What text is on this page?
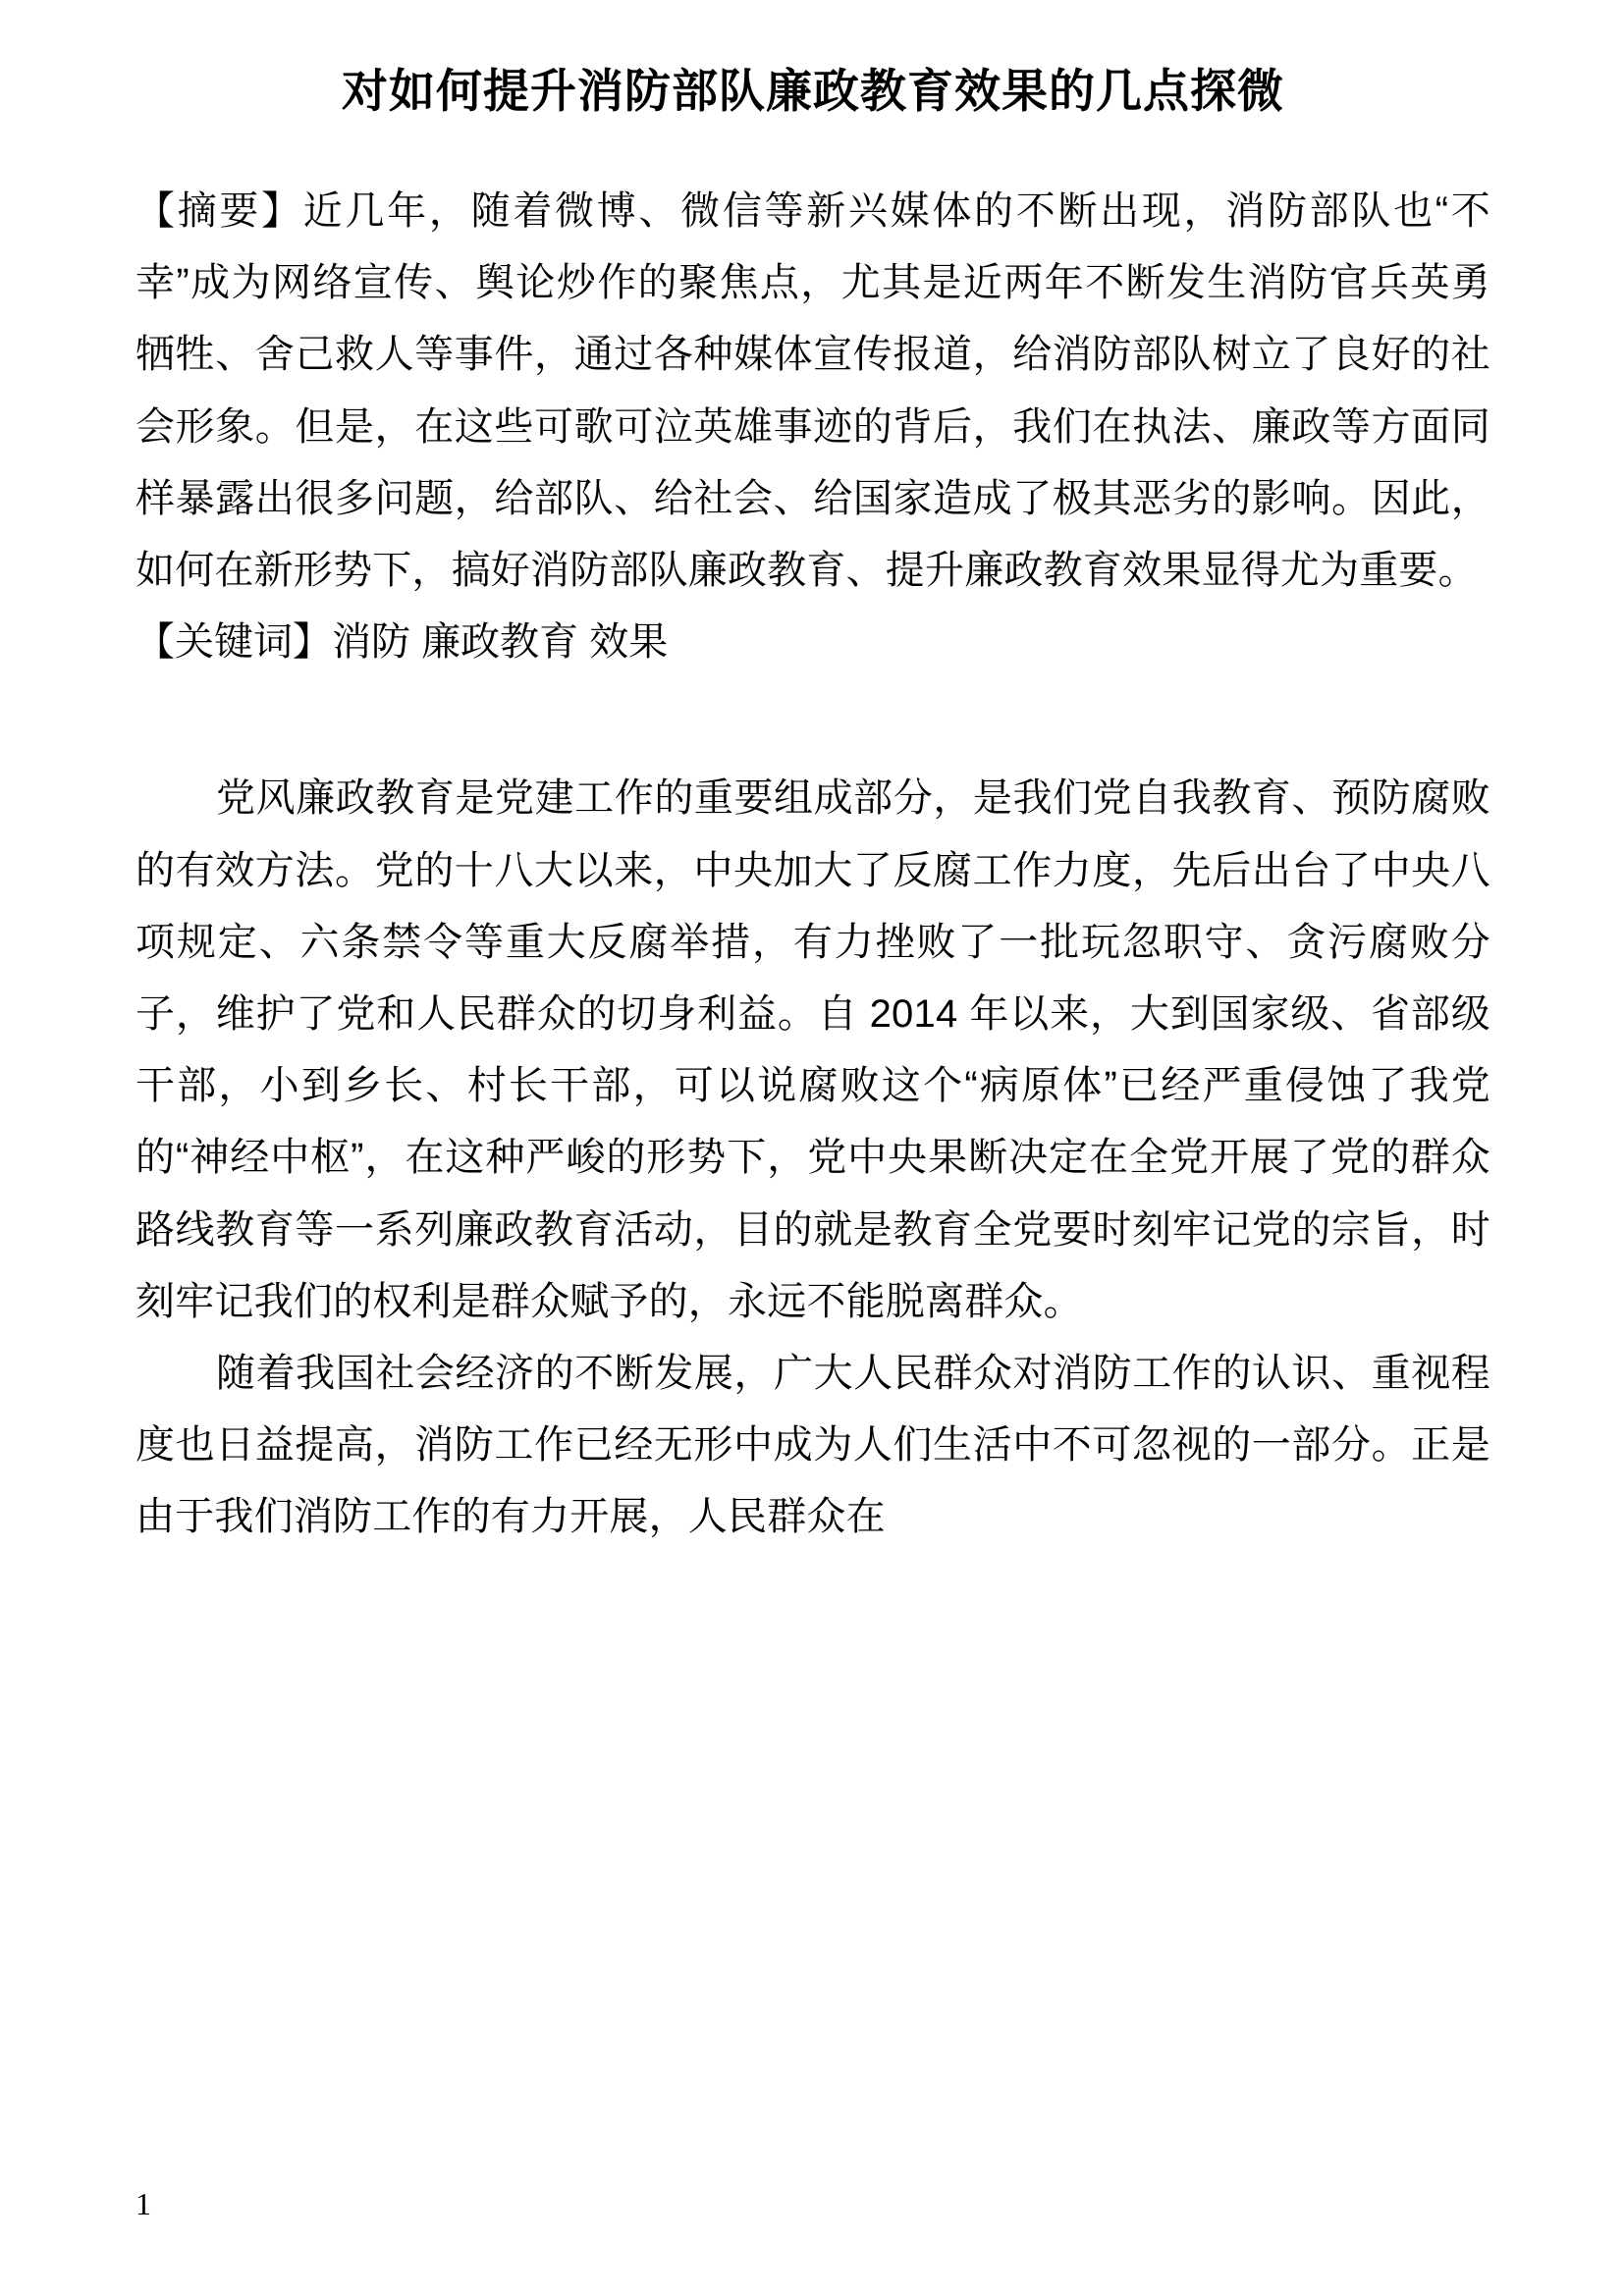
对如何提升消防部队廉政教育效果的几点探微

【摘要】近几年，随着微博、微信等新兴媒体的不断出现，消防部队也“不幸”成为网络宣传、舆论炒作的聚焦点，尤其是近两年不断发生消防官兵英勇牺牲、舍己救人等事件，通过各种媒体宣传报道，给消防部队树立了良好的社会形象。但是，在这些可歌可泣英雄事迹的背后，我们在执法、廉政等方面同样暴露出很多问题，给部队、给社会、给国家造成了极其恶劣的影响。因此，如何在新形势下，搞好消防部队廉政教育、提升廉政教育效果显得尤为重要。

【关键词】消防 廉政教育 效果

党风廉政教育是党建工作的重要组成部分，是我们党自我教育、预防腐败的有效方法。党的十八大以来，中央加大了反腐工作力度，先后出台了中央八项规定、六条禁令等重大反腐举措，有力挫败了一批玩忽职守、贪污腐败分子，维护了党和人民群众的切身利益。自 2014 年以来，大到国家级、省部级干部，小到乡长、村长干部，可以说腐败这个“病原体”已经严重侵蚀了我党的“神经中枢”，在这种严峻的形势下，党中央果断决定在全党开展了党的群众路线教育等一系列廉政教育活动，目的就是教育全党要时刻牢记党的宗旨，时刻牢记我们的权利是群众赋予的，永远不能脱离群众。

随着我国社会经济的不断发展，广大人民群众对消防工作的认识、重视程度也日益提高，消防工作已经无形中成为人们生活中不可忽视的一部分。正是由于我们消防工作的有力开展，人民群众在

1
